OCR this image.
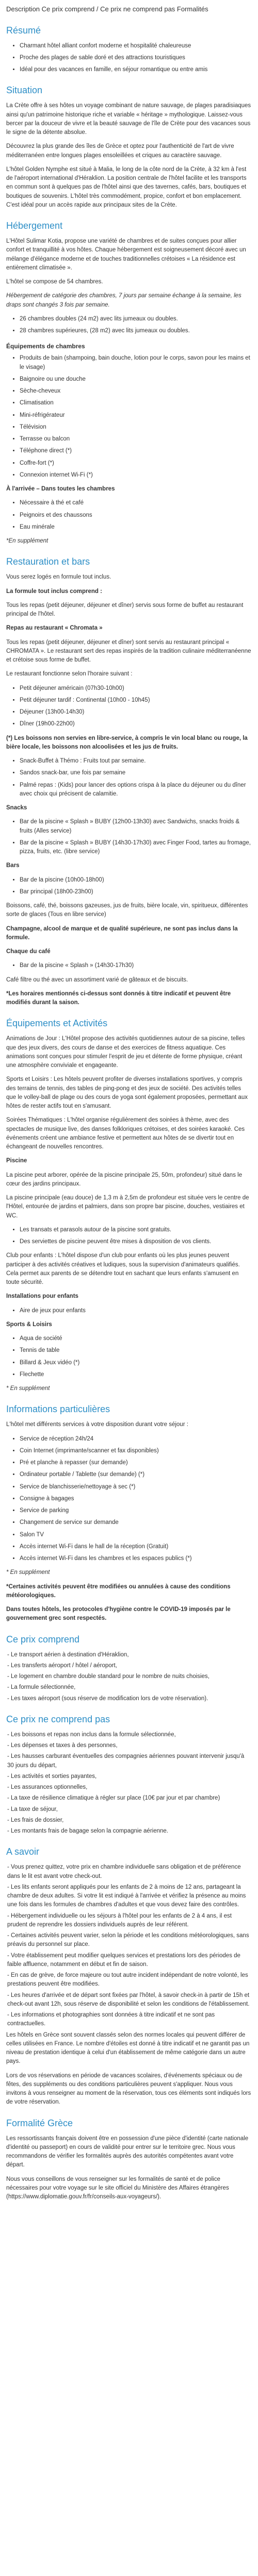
Description Ce prix comprend / Ce prix ne comprend pas Formalités
Résumé
• Charmant hôtel alliant confort moderne et hospitalité chaleureuse
• Proche des plages de sable doré et des attractions touristiques
• Idéal pour des vacances en famille, en séjour romantique ou entre amis
Situation

La Crète offre à ses hôtes un voyage combinant de nature sauvage, de plages paradisiaques ainsi qu'un patrimoine historique riche et variable « héritage » mythologique. Laissez-vous bercer par la douceur de vivre et la beauté sauvage de l'île de Crète pour des vacances sous le signe de la détente absolue.

Découvrez la plus grande des îles de Grèce et optez pour l'authenticité de l'art de vivre méditerranéen entre longues plages ensoleillées et criques au caractère sauvage.

L'hôtel Golden Nymphe est situé à Malia, le long de la côte nord de la Crète, à 32 km à l'est de l'aéroport international d'Héraklion. La position centrale de l'hôtel facilite et les transports en commun sont à quelques pas de l'hôtel ainsi que des tavernes, cafés, bars, boutiques et boutiques de souvenirs. L'hôtel très commodément, propice, confort et bon emplacement. C'est idéal pour un accès rapide aux principaux sites de la Crète.

Hébergement

L'Hôtel Sulimar Kotia, propose une variété de chambres et de suites conçues pour allier confort et tranquillité à vos hôtes. Chaque hébergement est soigneusement décoré avec un mélange d'élégance moderne et de touches traditionnelles crétoises « La résidence est entièrement climatisée ».

L'hôtel se compose de 54 chambres.

Hébergement de catégorie des chambres, 7 jours par semaine échange à la semaine, les draps sont changés 3 fois par semaine.

• 26 chambres doubles (24 m2) avec lits jumeaux ou doubles.
• 28 chambres supérieures, (28 m2) avec lits jumeaux ou doubles.
Équipements de chambres
• Produits de bain (shampoing, bain douche, lotion pour le corps, savon pour les mains et le visage)
• Baignoire ou une douche
• Sèche-cheveux
• Climatisation
• Mini-réfrigérateur
• Télévision
• Terrasse ou balcon
• Téléphone direct (*)
• Coffre-fort (*)
• Connexion internet Wi-Fi (*)

À l'arrivée – Dans toutes les chambres

• Nécessaire à thé et café
• Peignoirs et des chaussons
• Eau minérale

*En supplément

Restauration et bars

Vous serez logés en formule tout inclus.

La formule tout inclus comprend :

Tous les repas (petit déjeuner, déjeuner et dîner) servis sous forme de buffet au restaurant principal de l'hôtel.

Repas au restaurant « Chromata »

Tous les repas (petit déjeuner, déjeuner et dîner) sont servis au restaurant principal « CHROMATA ». Le restaurant sert des repas inspirés de la tradition culinaire méditerranéenne et crétoise sous forme de buffet.

Le restaurant fonctionne selon l'horaire suivant :

• Petit déjeuner américain (07h30-10h00)
• Petit déjeuner tardif : Continental (10h00 - 10h45)
• Déjeuner (13h00-14h30)
• Dîner (19h00-22h00)

(*) Les boissons non servies en libre-service, à compris le vin local blanc ou rouge, la bière locale, les boissons non alcoolisées et les jus de fruits.

• Snack-Buffet à Thémo : Fruits tout par semaine.
• Sandos snack-bar, une fois par semaine
• Palmé repas : (Kids) pour lancer des options crispa à la place du déjeuner ou du dîner avec choix qui précisent de calamitie.

Snacks

• Bar de la piscine « Splash » BUBY (12h00-13h30) avec Sandwichs, snacks froids & fruits (Alles service)
• Bar de la piscine « Splash » BUBY (14h30-17h30) avec Finger Food, tartes au fromage, pizza, fruits, etc. (libre service)

Bars

• Bar de la piscine (10h00-18h00)
• Bar principal (18h00-23h00)

Boissons, café, thé, boissons gazeuses, jus de fruits, bière locale, vin, spiritueux, différentes sorte de glaces (Tous en libre service)

Champagne, alcool de marque et de qualité supérieure, ne sont pas inclus dans la formule.

Chaque du café

• Bar de la piscine « Splash » (14h30-17h30)

Café filtre ou thé avec un assortiment varié de gâteaux et de biscuits.

*Les horaires mentionnés ci-dessus sont donnés à titre indicatif et peuvent être modifiés durant la saison.

Équipements et Activités

Animations de Jour : L'Hôtel propose des activités quotidiennes autour de sa piscine, telles que des jeux divers, des cours de danse et des exercices de fitness aquatique. Ces animations sont conçues pour stimuler l'esprit de jeu et détente de forme physique, créant une atmosphère conviviale et engageante.

Sports et Loisirs : Les hôtels peuvent profiter de diverses installations sportives, y compris des terrains de tennis, des tables de ping-pong et des jeux de société. Des activités telles que le volley-ball de plage ou des cours de yoga sont également proposées, permettant aux hôtes de rester actifs tout en s'amusant.

Soirées Thématiques : L'hôtel organise régulièrement des soirées à thème, avec des spectacles de musique live, des danses folkloriques crétoises, et des soirées karaoké. Ces événements créent une ambiance festive et permettent aux hôtes de se divertir tout en échangeant de nouvelles rencontres.

Piscine

La piscine peut arborer, opérée de la piscine principale 25, 50m, profondeur) situé dans le cœur des jardins principaux.

La piscine principale (eau douce) de 1,3 m à 2,5m de profondeur est située vers le centre de l'Hôtel, entourée de jardins et palmiers, dans son propre bar piscine, douches, vestiaires et WC.

• Les transats et parasols autour de la piscine sont gratuits.
• Des serviettes de piscine peuvent être mises à disposition de vos clients.

Club pour enfants : L'hôtel dispose d'un club pour enfants où les plus jeunes peuvent participer à des activités créatives et ludiques, sous la supervision d'animateurs qualifiés. Cela permet aux parents de se détendre tout en sachant que leurs enfants s'amusent en toute sécurité.

Installations pour enfants

• Aire de jeux pour enfants

Sports & Loisirs

• Aqua de société
• Tennis de table
• Billard & Jeux vidéo (*)
• Flechette

* En supplément

Informations particulières

L'hôtel met différents services à votre disposition durant votre séjour :

• Service de réception 24h/24
• Coin Internet (imprimante/scanner et fax disponibles)
• Pré et planche à repasser (sur demande)
• Ordinateur portable / Tablette (sur demande) (*)
• Service de blanchisserie/nettoyage à sec (*)
• Consigne à bagages
• Service de parking
• Changement de service sur demande
• Salon TV
• Accès internet Wi-Fi dans le hall de la réception (Gratuit)
• Accès internet Wi-Fi dans les chambres et les espaces publics (*)

* En supplément

*Certaines activités peuvent être modifiées ou annulées à cause des conditions météorologiques.

Dans toutes hôtels, les protocoles d'hygiène contre le COVID-19 imposés par le gouvernement grec sont respectés.

Ce prix comprend

- Le transport aérien à destination d'Héraklion,

- Les transferts aéroport / hôtel / aéroport,

- Le logement en chambre double standard pour le nombre de nuits choisies,

- La formule sélectionnée,

- Les taxes aéroport (sous réserve de modification lors de votre réservation).

Ce prix ne comprend pas

- Les boissons et repas non inclus dans la formule sélectionnée,

- Les dépenses et taxes à des personnes,

- Les hausses carburant éventuelles des compagnies aériennes pouvant intervenir jusqu'à 30 jours du départ,

- Les activités et sorties payantes,

- Les assurances optionnelles,

- La taxe de résilience climatique à régler sur place (10€ par jour et par chambre)

- La taxe de séjour,

- Les frais de dossier,

- Les montants frais de bagage selon la compagnie aérienne.

A savoir

- Vous prenez quittez, votre prix en chambre individuelle sans obligation et de préférence dans le lit est avant votre check-out.

- Les lits enfants seront appliqués pour les enfants de 2 à moins de 12 ans, partageant la chambre de deux adultes. Si votre lit est indiqué à l'arrivée et vérifiez la présence au moins une fois dans les formules de chambres d'adultes et que vous devez faire des contrôles.

- Hébergement individuelle ou les séjours à l'hôtel pour les enfants de 2 à 4 ans, il est prudent de reprendre les dossiers individuels auprès de leur référent.

- Certaines activités peuvent varier, selon la période et les conditions météorologiques, sans préavis du personnel sur place.

- Votre établissement peut modifier quelques services et prestations lors des périodes de faible affluence, notamment en début et fin de saison.

- En cas de grève, de force majeure ou tout autre incident indépendant de notre volonté, les prestations peuvent être modifiées.

- Les heures d'arrivée et de départ sont fixées par l'hôtel, à savoir check-in à partir de 15h et check-out avant 12h, sous réserve de disponibilité et selon les conditions de l'établissement.

- Les informations et photographies sont données à titre indicatif et ne sont pas contractuelles.

Les hôtels en Grèce sont souvent classés selon des normes locales qui peuvent différer de celles utilisées en France. Le nombre d'étoiles est donné à titre indicatif et ne garantit pas un niveau de prestation identique à celui d'un établissement de même catégorie dans un autre pays.

Lors de vos réservations en période de vacances scolaires, d'événements spéciaux ou de fêtes, des suppléments ou des conditions particulières peuvent s'appliquer. Nous vous invitons à vous renseigner au moment de la réservation, tous ces éléments sont indiqués lors de votre réservation.

Formalité Grèce

Les ressortissants français doivent être en possession d'une pièce d'identité (carte nationale d'identité ou passeport) en cours de validité pour entrer sur le territoire grec. Nous vous recommandons de vérifier les formalités auprès des autorités compétentes avant votre départ.

Nous vous conseillons de vous renseigner sur les formalités de santé et de police nécessaires pour votre voyage sur le site officiel du Ministère des Affaires étrangères (https://www.diplomatie.gouv.fr/fr/conseils-aux-voyageurs/).
